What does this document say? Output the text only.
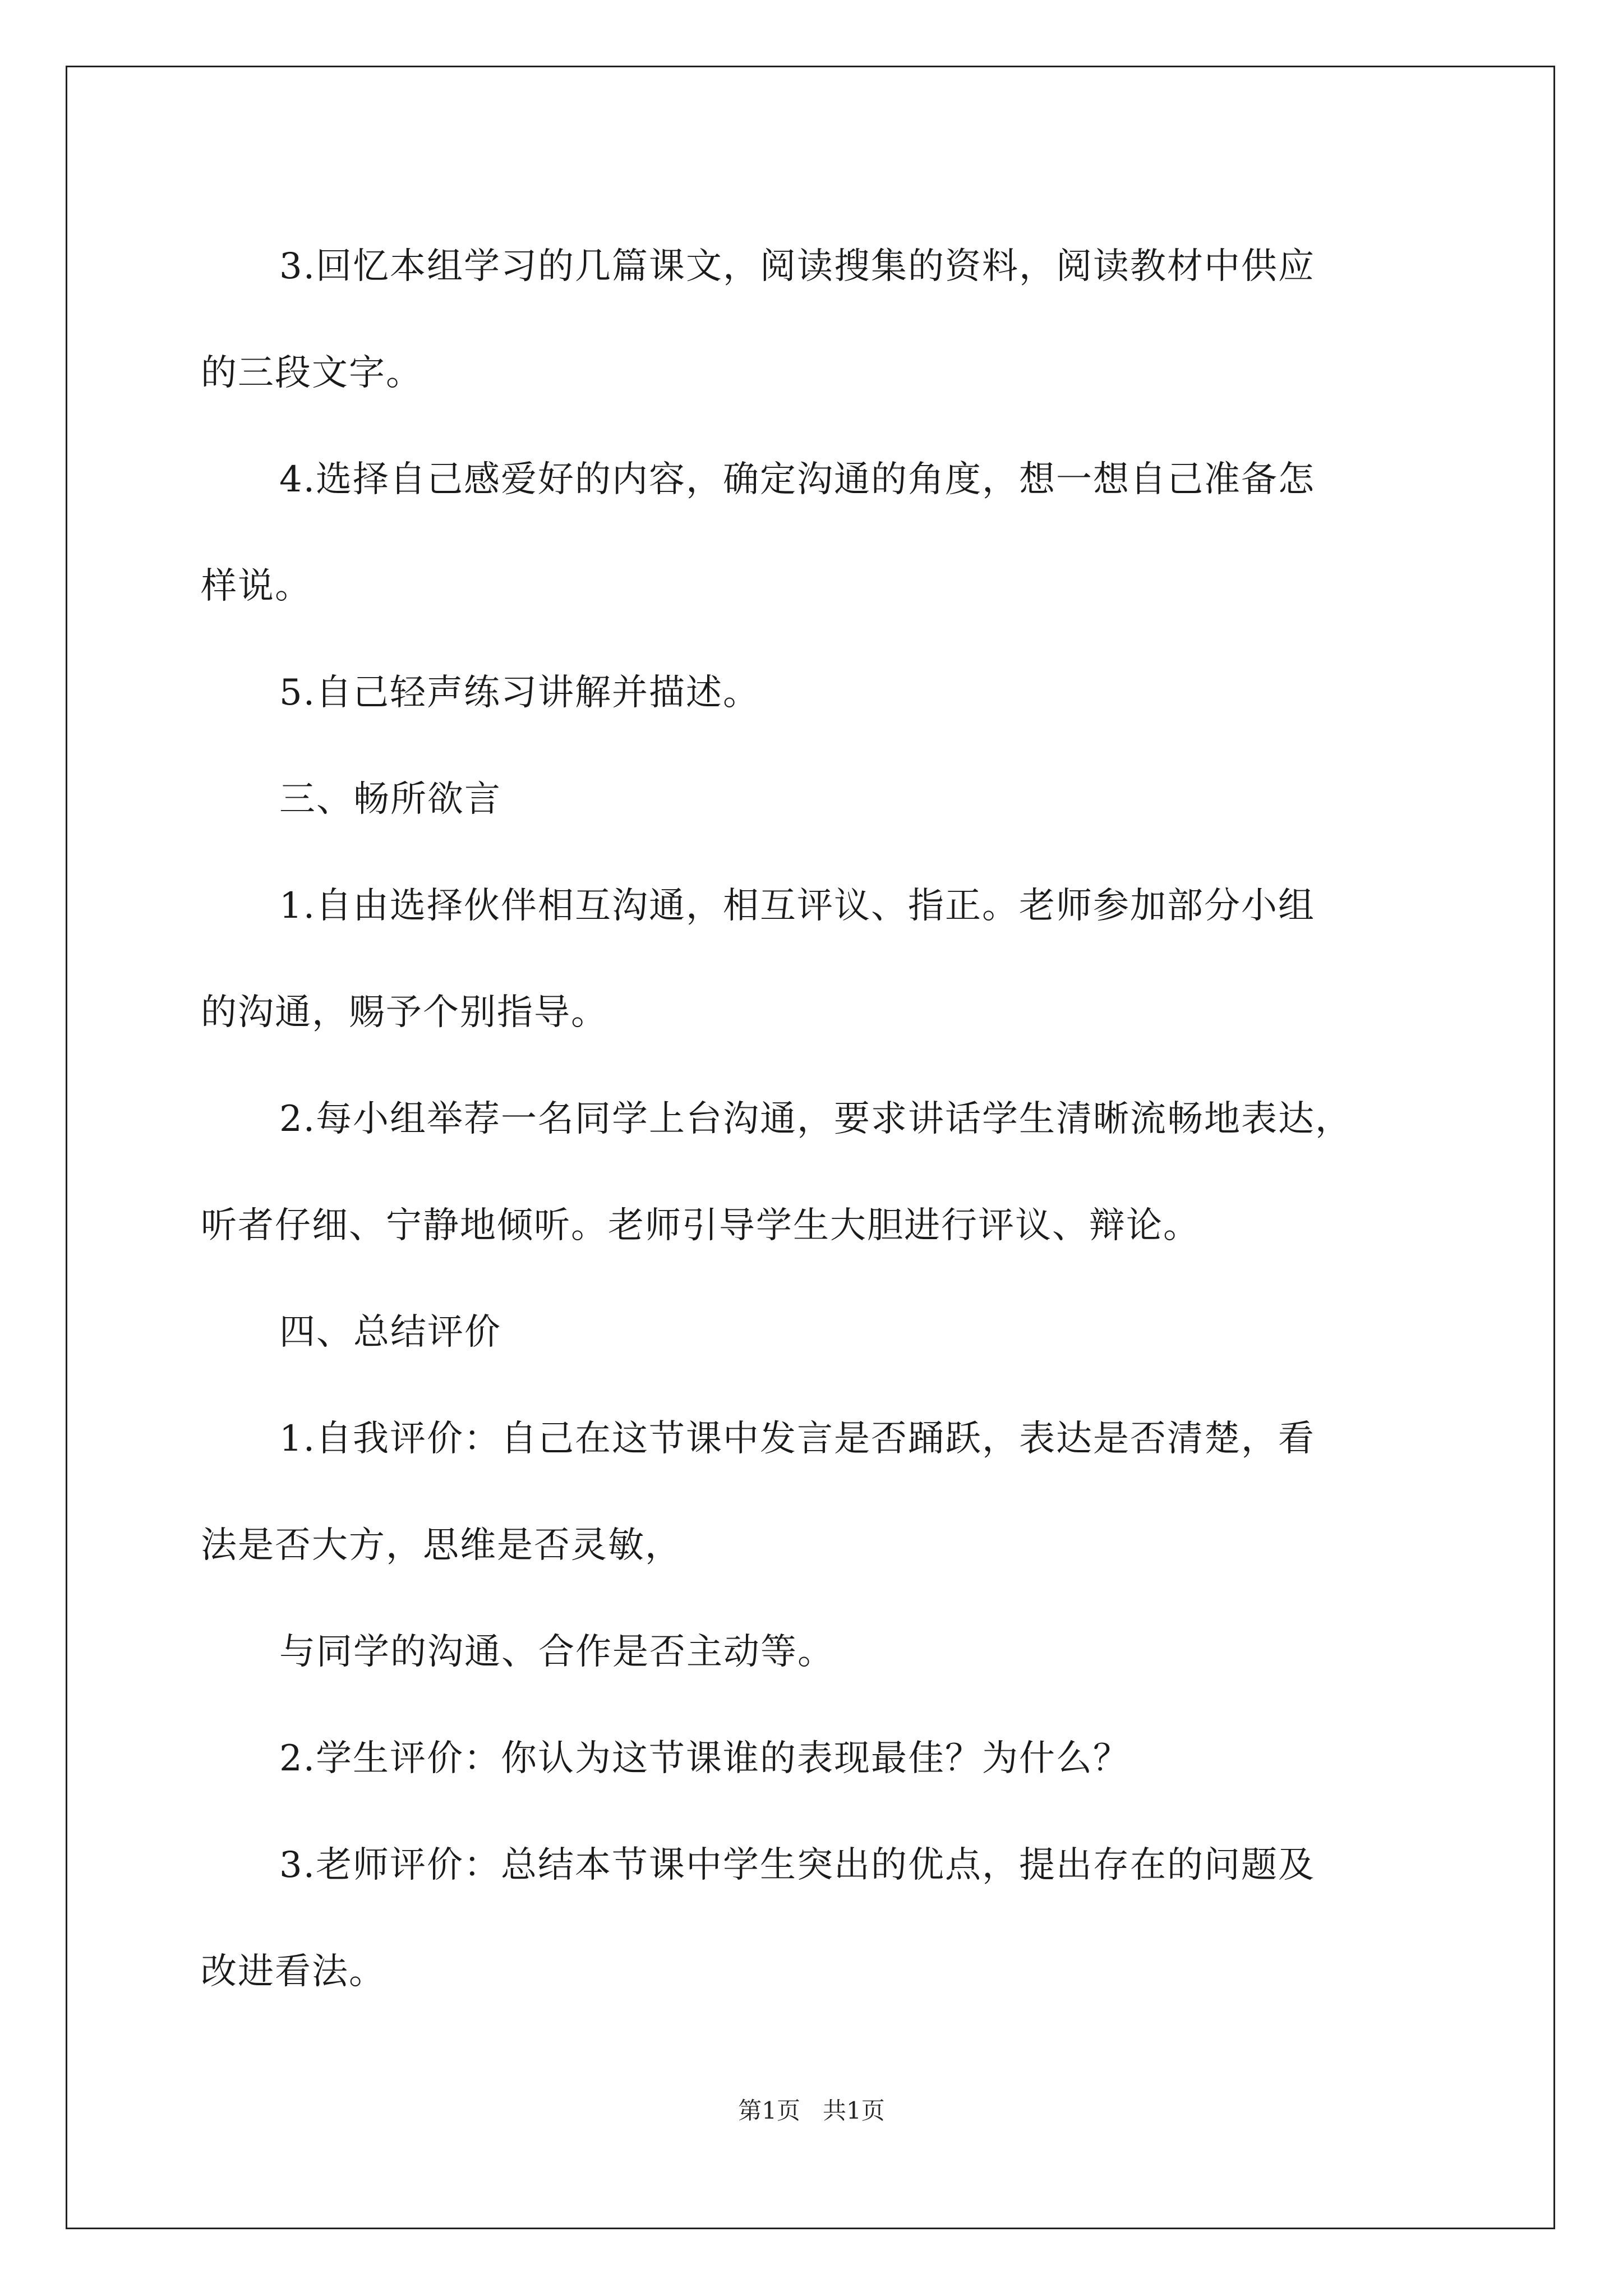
3.回忆本组学习的几篇课文，阅读搜集的资料，阅读教材中供应

的三段文字。

4.选择自己感爱好的内容，确定沟通的角度，想一想自己准备怎

样说。

5.自己轻声练习讲解并描述。

三、畅所欲言

1.自由选择伙伴相互沟通，相互评议、指正。老师参加部分小组

的沟通，赐予个别指导。

2.每小组举荐一名同学上台沟通，要求讲话学生清晰流畅地表达，

听者仔细、宁静地倾听。老师引导学生大胆进行评议、辩论。

四、总结评价

1.自我评价：自己在这节课中发言是否踊跃，表达是否清楚，看

法是否大方，思维是否灵敏，

与同学的沟通、合作是否主动等。

2.学生评价：你认为这节课谁的表现最佳？为什么？

3.老师评价：总结本节课中学生突出的优点，提出存在的问题及

改进看法。

第1页 共1页
